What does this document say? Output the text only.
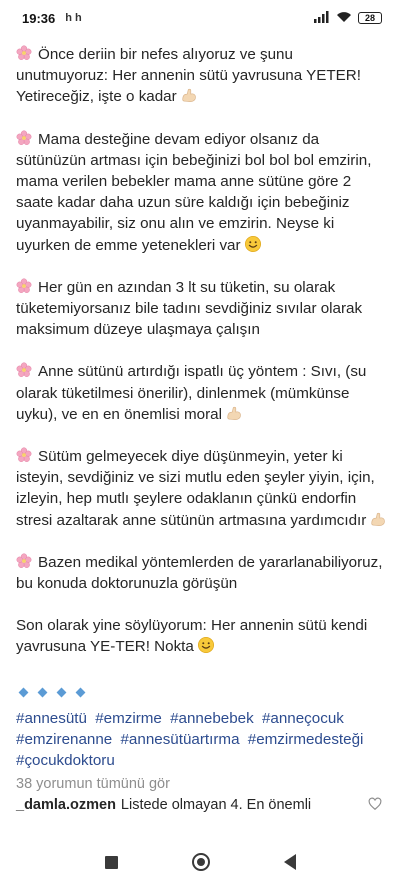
19:36 h h	28
Önce deriin bir nefes alıyoruz ve şunu unutmuyoruz: Her annenin sütü yavrusuna YETER! Yetireceğiz, işte o kadar
Mama desteğine devam ediyor olsanız da sütünüzün artması için bebeğinizi bol bol bol emzirin, mama verilen bebekler mama anne sütüne göre 2 saate kadar daha uzun süre kaldığı için bebeğiniz uyanmayabilir, siz onu alın ve emzirin. Neyse ki uyurken de emme yetenekleri var
Her gün en azından 3 lt su tüketin, su olarak tüketemiyorsanız bile tadını sevdiğiniz sıvılar olarak maksimum düzeye ulaşmaya çalışın
Anne sütünü artırdığı ispatlı üç yöntem : Sıvı, (su olarak tüketilmesi önerilir), dinlenmek (mümkünse uyku), ve en en önemlisi moral
Sütüm gelmeyecek diye düşünmeyin, yeter ki isteyin, sevdiğiniz ve sizi mutlu eden şeyler yiyin, için, izleyin, hep mutlı şeylere odaklanın çünkü endorfin stresi azaltarak anne sütünün artmasına yardımcıdır
Bazen medikal yöntemlerden de yararlanabiliyoruz, bu konuda doktorunuzla görüşün
Son olarak yine söylüyorum: Her annenin sütü kendi yavrusuna YE-TER! Nokta
#annesütü #emzirme #annebebek #anneçocuk #emzirenanne #annesütüartırma #emzirmedesteği #çocukdoktoru
38 yorumun tümünü gör
_damla.ozmen Listede olmayan 4. En önemli
